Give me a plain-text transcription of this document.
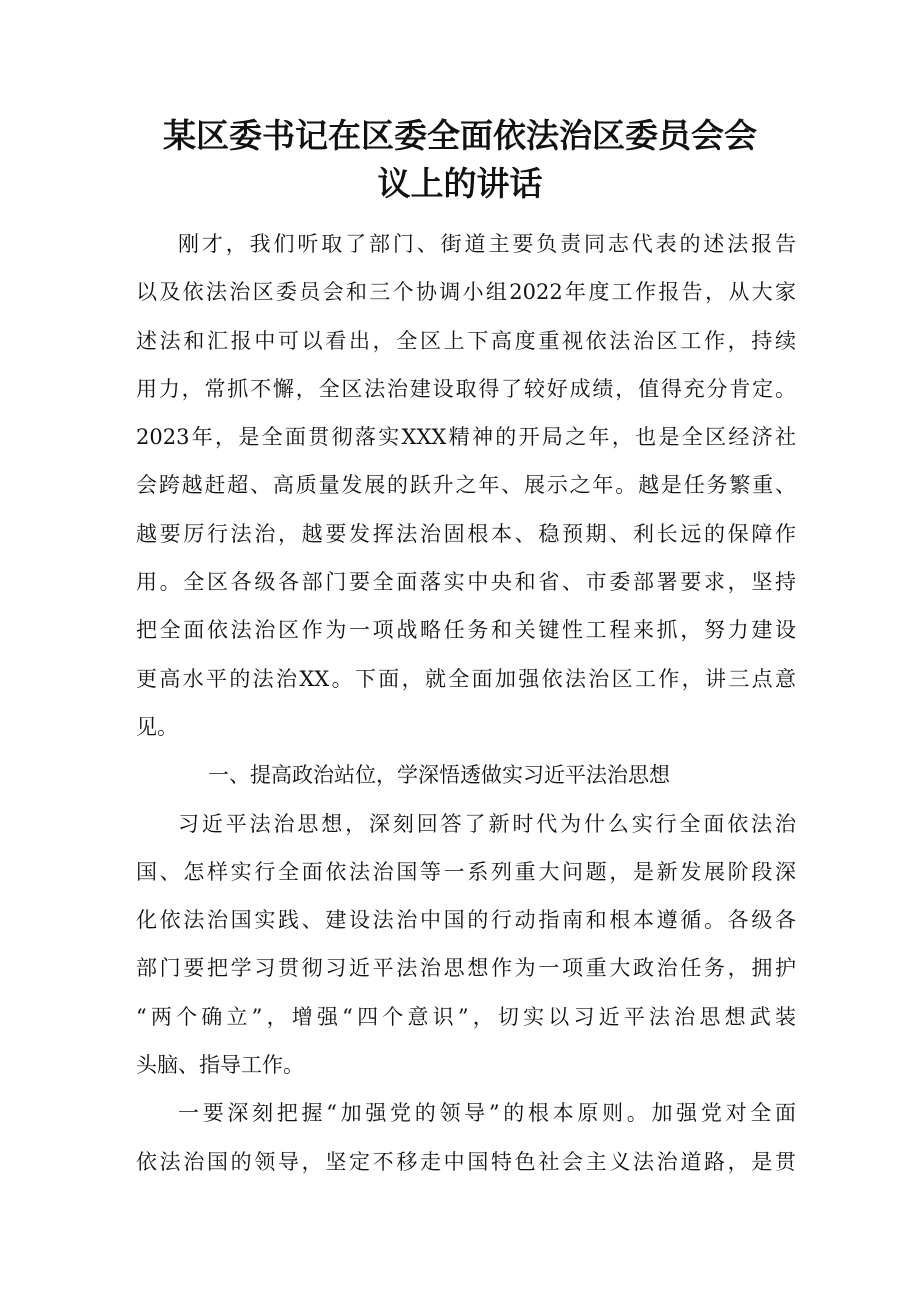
某区委书记在区委全面依法治区委员会会
议上的讲话
刚才，我们听取了部门、街道主要负责同志代表的述法报告
以及依法治区委员会和三个协调小组2022年度工作报告，从大家
述法和汇报中可以看出，全区上下高度重视依法治区工作，持续
用力，常抓不懈，全区法治建设取得了较好成绩，值得充分肯定。
2023年，是全面贯彻落实XXX精神的开局之年，也是全区经济社
会跨越赶超、高质量发展的跃升之年、展示之年。越是任务繁重、
越要厉行法治，越要发挥法治固根本、稳预期、利长远的保障作
用。全区各级各部门要全面落实中央和省、市委部署要求，坚持
把全面依法治区作为一项战略任务和关键性工程来抓，努力建设
更高水平的法治XX。下面，就全面加强依法治区工作，讲三点意
见。
一、提高政治站位，学深悟透做实习近平法治思想
习近平法治思想，深刻回答了新时代为什么实行全面依法治
国、怎样实行全面依法治国等一系列重大问题，是新发展阶段深
化依法治国实践、建设法治中国的行动指南和根本遵循。各级各
部门要把学习贯彻习近平法治思想作为一项重大政治任务，拥护
“两个确立”，增强“四个意识”，切实以习近平法治思想武装
头脑、指导工作。
一要深刻把握“加强党的领导”的根本原则。加强党对全面
依法治国的领导，坚定不移走中国特色社会主义法治道路，是贯
